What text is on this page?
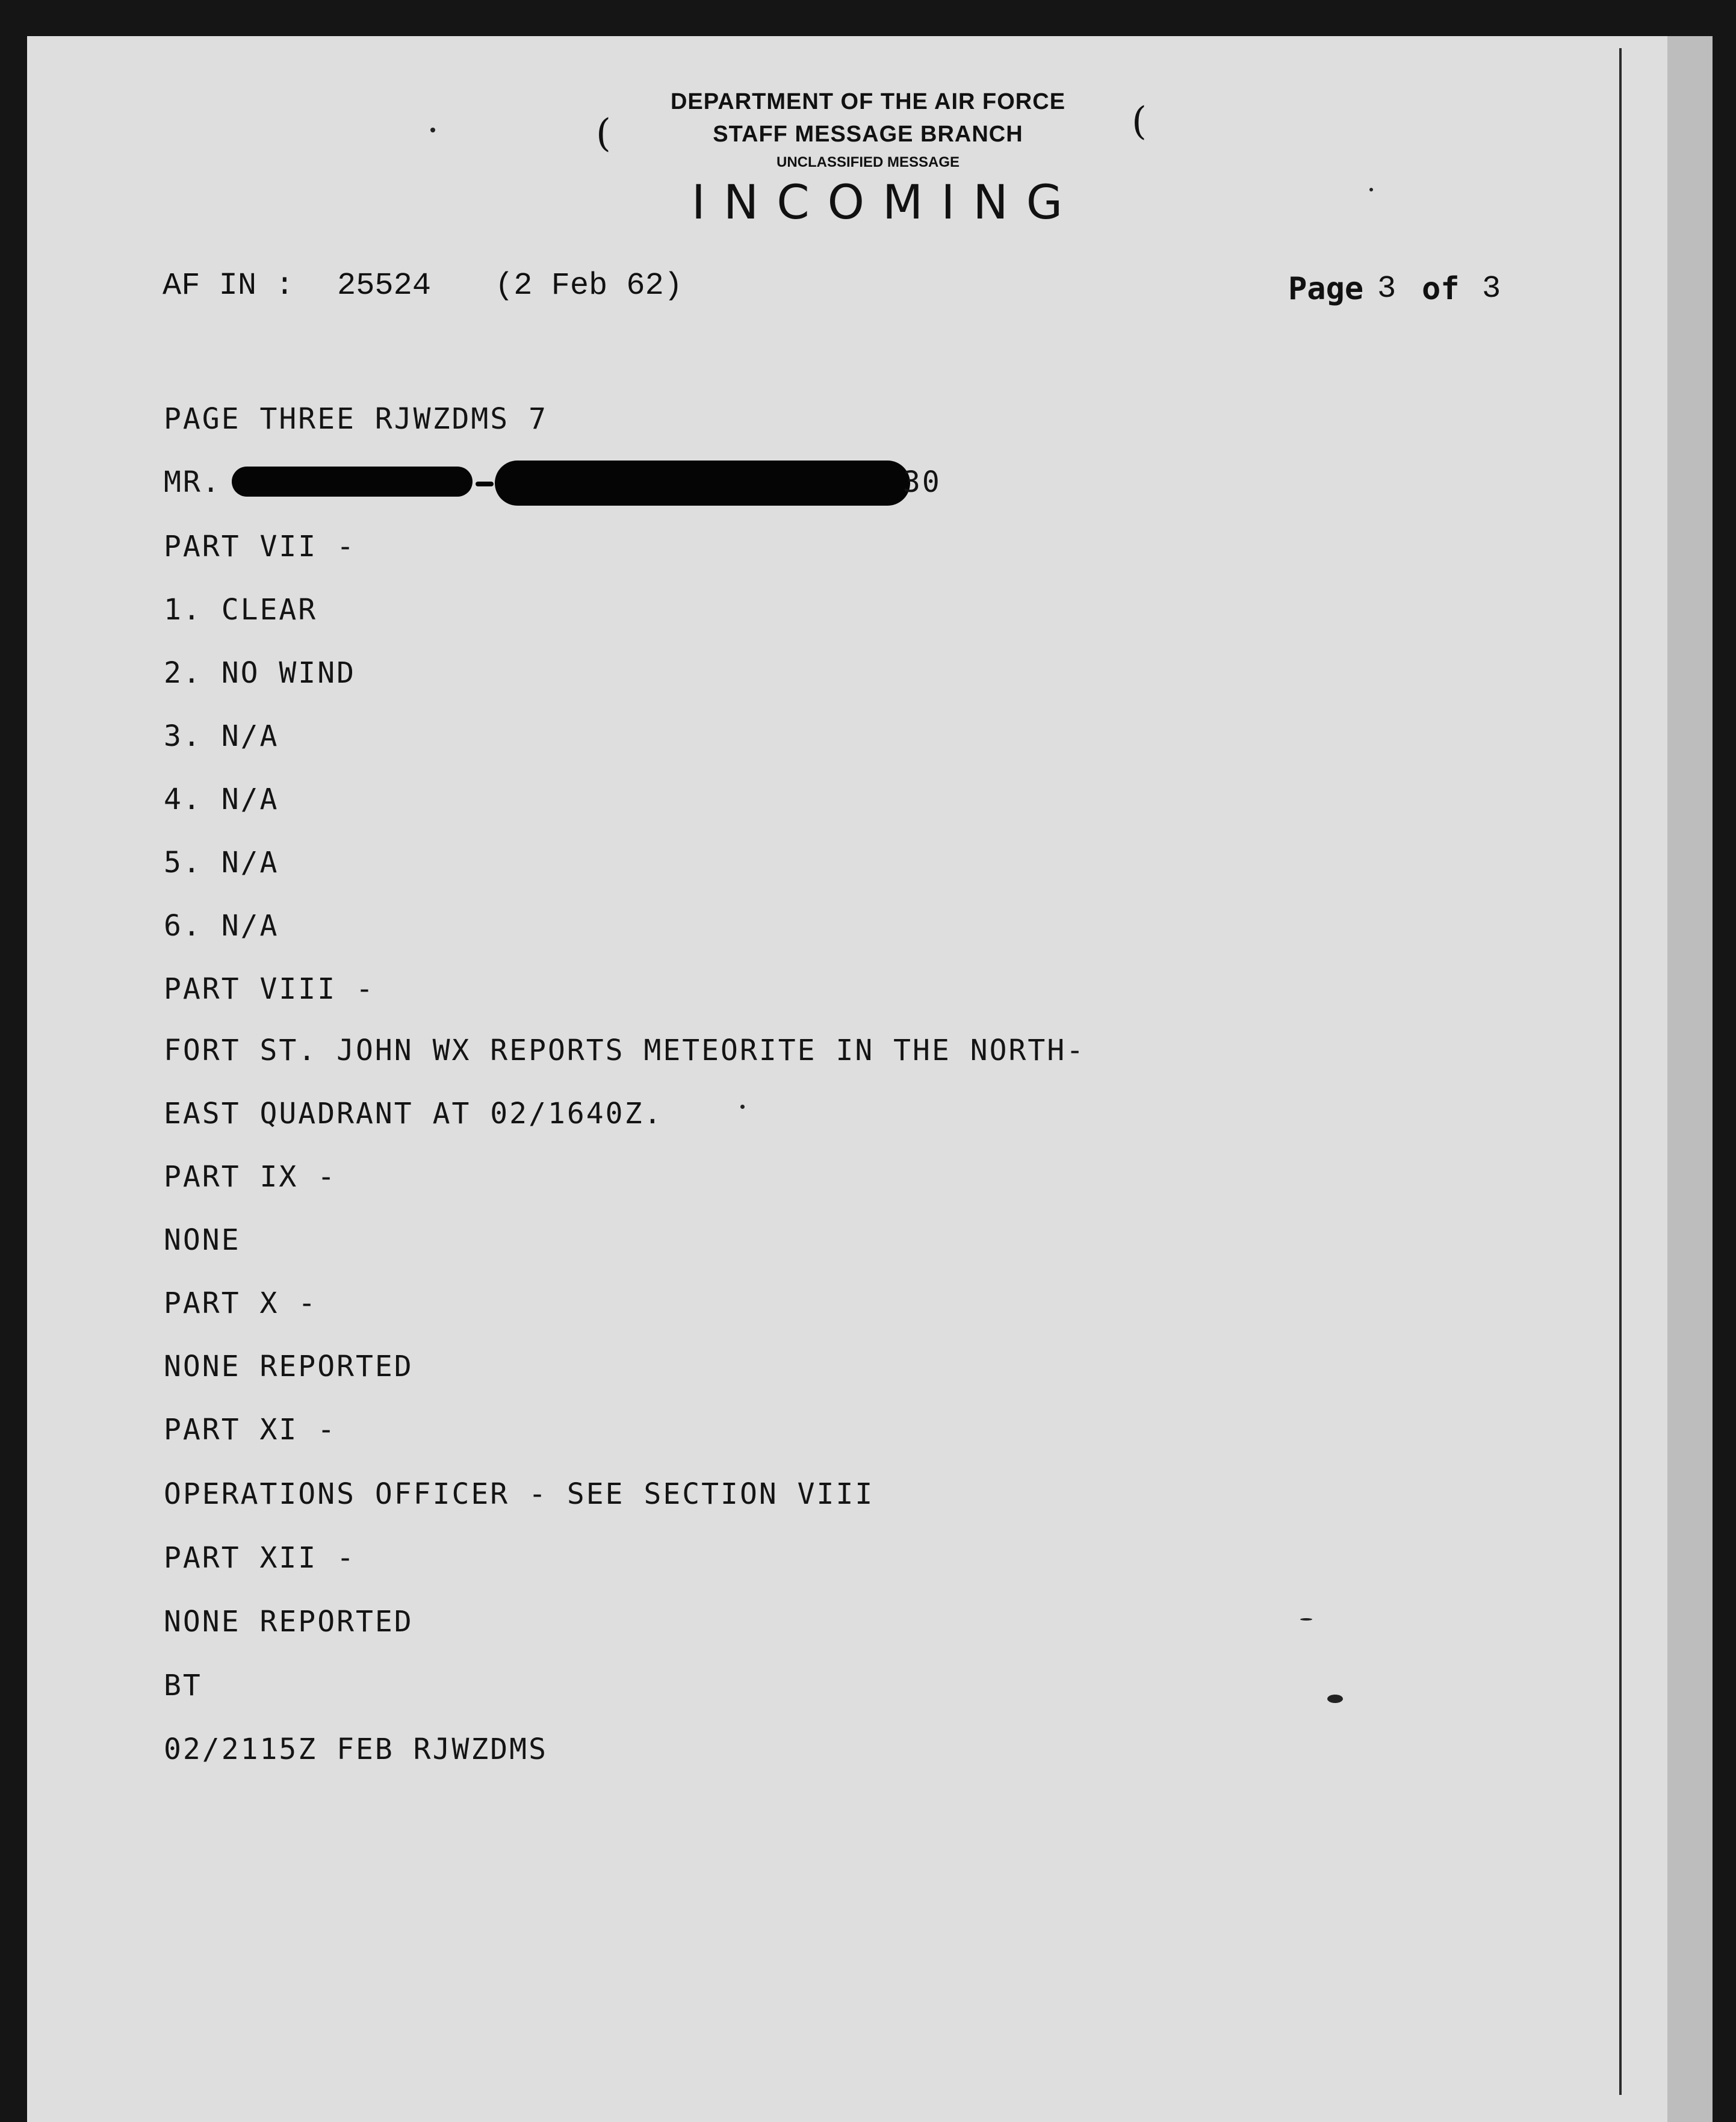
DEPARTMENT OF THE AIR FORCE
STAFF MESSAGE BRANCH
UNCLASSIFIED MESSAGE
INCOMING
(	(
AF IN : 25524 (2 Feb 62)	Page 3 of 3
PAGE THREE RJWZDMS 7
MR.	30
PART VII -
1. CLEAR
2. NO WIND
3. N/A
4. N/A
5. N/A
6. N/A
PART VIII -
FORT ST. JOHN WX REPORTS METEORITE IN THE NORTH-
EAST QUADRANT AT 02/1640Z.
PART IX -
NONE
PART X -
NONE REPORTED
PART XI -
OPERATIONS OFFICER - SEE SECTION VIII
PART XII -
NONE REPORTED
BT
02/2115Z FEB RJWZDMS
